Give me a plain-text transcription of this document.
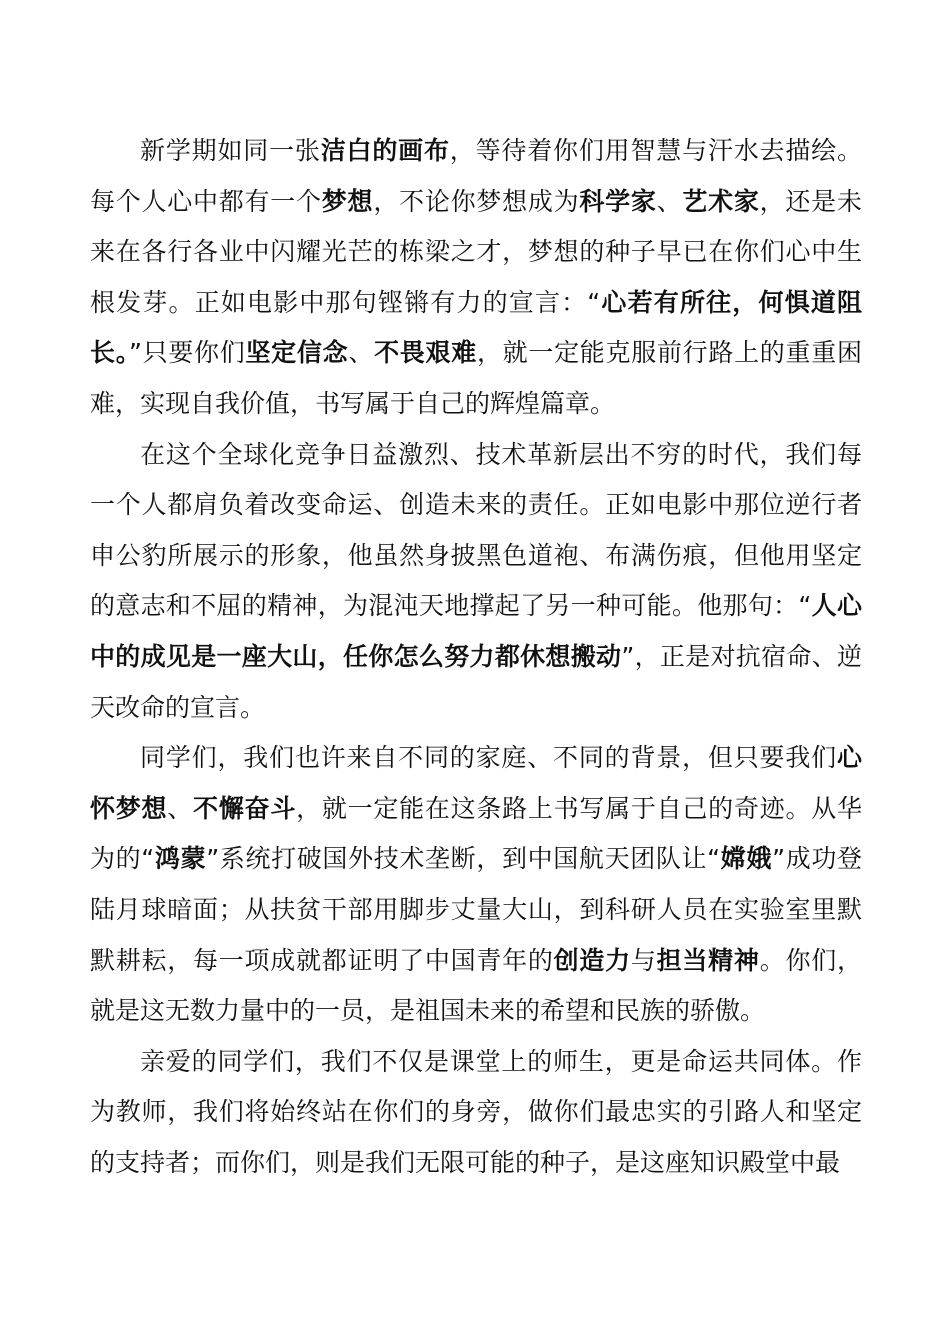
新学期如同一张洁白的画布，等待着你们用智慧与汗水去描绘。每个人心中都有一个梦想，不论你梦想成为科学家、艺术家，还是未来在各行各业中闪耀光芒的栋梁之才，梦想的种子早已在你们心中生根发芽。正如电影中那句铿锵有力的宣言：“心若有所往，何惧道阻长。”只要你们坚定信念、不畏艰难，就一定能克服前行路上的重重困难，实现自我价值，书写属于自己的辉煌篇章。

在这个全球化竞争日益激烈、技术革新层出不穷的时代，我们每一个人都肩负着改变命运、创造未来的责任。正如电影中那位逆行者申公豹所展示的形象，他虽然身披黑色道袍、布满伤痕，但他用坚定的意志和不屈的精神，为混沌天地撑起了另一种可能。他那句：“人心中的成见是一座大山，任你怎么努力都休想搬动”，正是对抗宿命、逆天改命的宣言。

同学们，我们也许来自不同的家庭、不同的背景，但只要我们心怀梦想、不懈奋斗，就一定能在这条路上书写属于自己的奇迹。从华为的“鸿蒙”系统打破国外技术垄断，到中国航天团队让“嫦娥”成功登陆月球暗面；从扶贫干部用脚步丈量大山，到科研人员在实验室里默默耕耘，每一项成就都证明了中国青年的创造力与担当精神。你们，就是这无数力量中的一员，是祖国未来的希望和民族的骄傲。

亲爱的同学们，我们不仅是课堂上的师生，更是命运共同体。作为教师，我们将始终站在你们的身旁，做你们最忠实的引路人和坚定的支持者；而你们，则是我们无限可能的种子，是这座知识殿堂中最
